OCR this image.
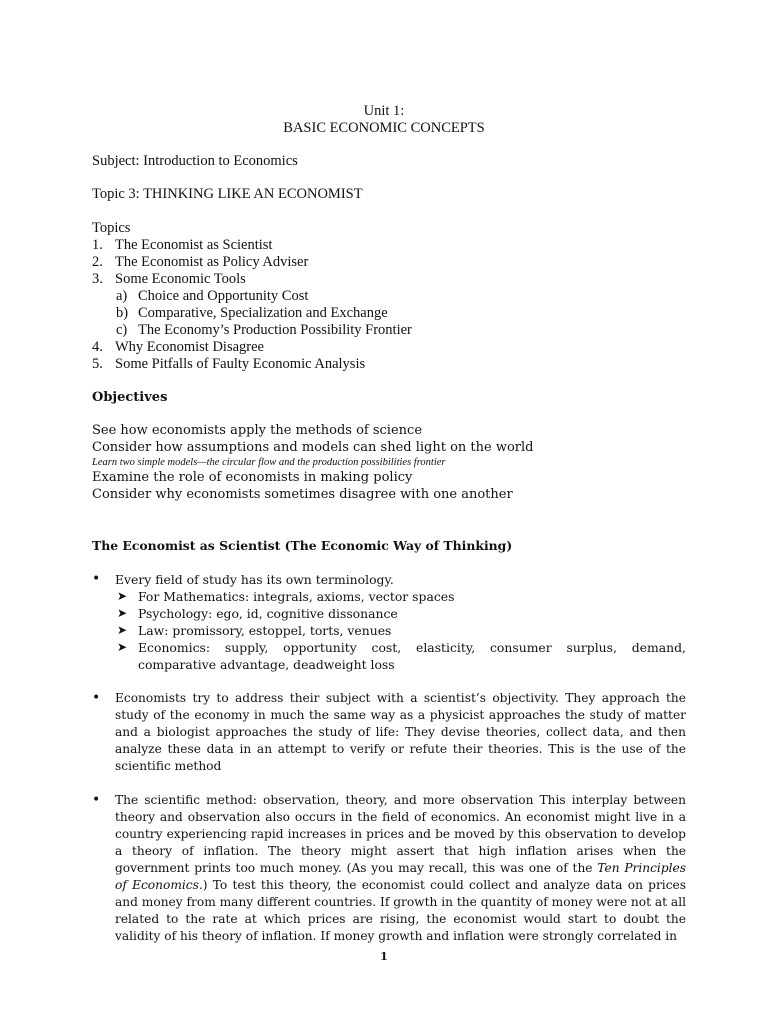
Unit 1:
BASIC ECONOMIC CONCEPTS
Subject: Introduction to Economics
Topic 3: THINKING LIKE AN ECONOMIST
Topics
1. The Economist as Scientist
2. The Economist as Policy Adviser
3. Some Economic Tools
a) Choice and Opportunity Cost
b) Comparative, Specialization and Exchange
c) The Economy’s Production Possibility Frontier
4. Why Economist Disagree
5. Some Pitfalls of Faulty Economic Analysis
Objectives
See how economists apply the methods of science
Consider how assumptions and models can shed light on the world
Learn two simple models—the circular flow and the production possibilities frontier
Examine the role of economists in making policy
Consider why economists sometimes disagree with one another
The Economist as Scientist (The Economic Way of Thinking)
• Every field of study has its own terminology.
➤ For Mathematics: integrals, axioms, vector spaces
➤ Psychology: ego, id, cognitive dissonance
➤ Law: promissory, estoppel, torts, venues
➤ Economics: supply, opportunity cost, elasticity, consumer surplus, demand, comparative advantage, deadweight loss
• Economists try to address their subject with a scientist’s objectivity. They approach the study of the economy in much the same way as a physicist approaches the study of matter and a biologist approaches the study of life: They devise theories, collect data, and then analyze these data in an attempt to verify or refute their theories. This is the use of the scientific method
• The scientific method: observation, theory, and more observation This interplay between theory and observation also occurs in the field of economics. An economist might live in a country experiencing rapid increases in prices and be moved by this observation to develop a theory of inflation. The theory might assert that high inflation arises when the government prints too much money. (As you may recall, this was one of the Ten Principles of Economics.) To test this theory, the economist could collect and analyze data on prices and money from many different countries. If growth in the quantity of money were not at all related to the rate at which prices are rising, the economist would start to doubt the validity of his theory of inflation. If money growth and inflation were strongly correlated in
1
